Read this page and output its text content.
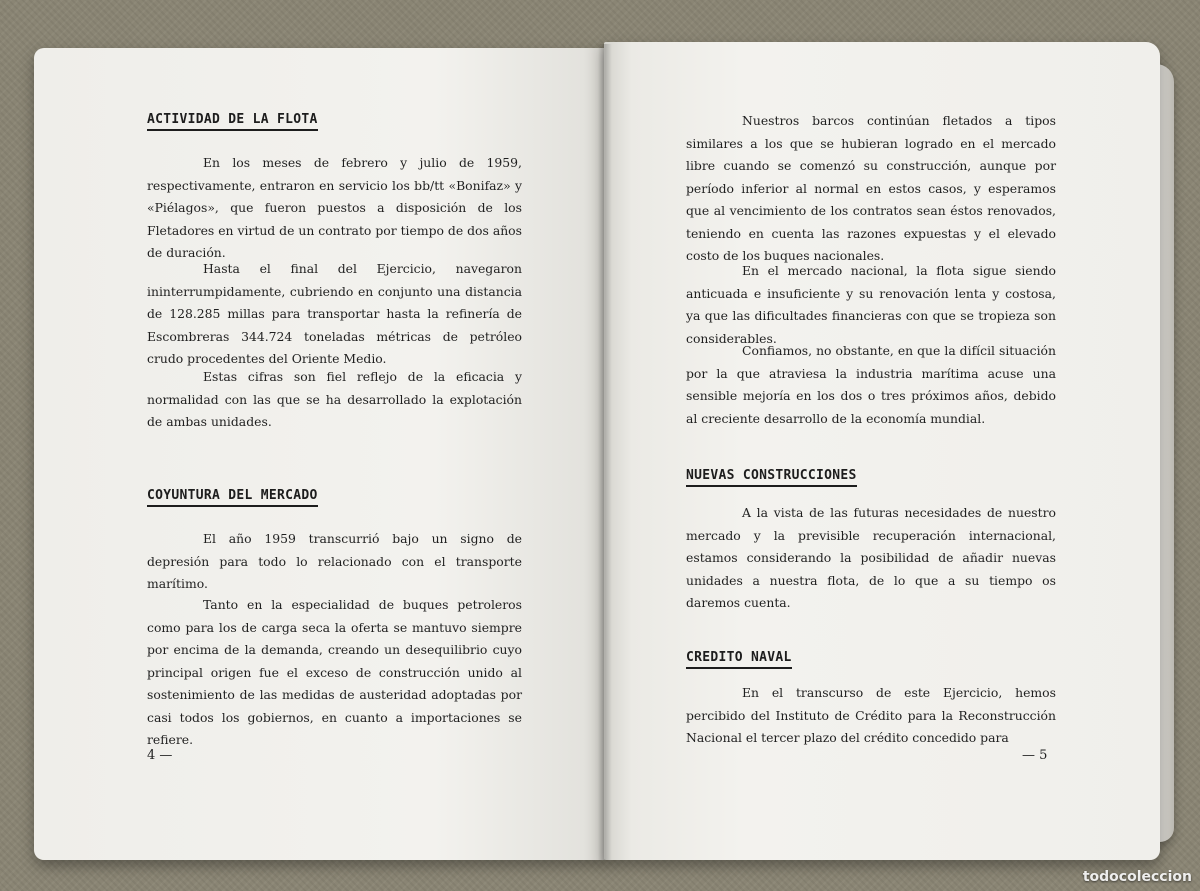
ACTIVIDAD DE LA FLOTA

En los meses de febrero y julio de 1959, respectivamente, entraron en servicio los bb/tt «Bonifaz» y «Piélagos», que fueron puestos a disposición de los Fletadores en virtud de un contrato por tiempo de dos años de duración.

Hasta el final del Ejercicio, navegaron ininterrumpidamente, cubriendo en conjunto una distancia de 128.285 millas para transportar hasta la refinería de Escombreras 344.724 toneladas métricas de petróleo crudo procedentes del Oriente Medio.

Estas cifras son fiel reflejo de la eficacia y normalidad con las que se ha desarrollado la explotación de ambas unidades.

COYUNTURA DEL MERCADO

El año 1959 transcurrió bajo un signo de depresión para todo lo relacionado con el transporte marítimo.

Tanto en la especialidad de buques petroleros como para los de carga seca la oferta se mantuvo siempre por encima de la demanda, creando un desequilibrio cuyo principal origen fue el exceso de construcción unido al sostenimiento de las medidas de austeridad adoptadas por casi todos los gobiernos, en cuanto a importaciones se refiere.

4 —

Nuestros barcos continúan fletados a tipos similares a los que se hubieran logrado en el mercado libre cuando se comenzó su construcción, aunque por período inferior al normal en estos casos, y esperamos que al vencimiento de los contratos sean éstos renovados, teniendo en cuenta las razones expuestas y el elevado costo de los buques nacionales.

En el mercado nacional, la flota sigue siendo anticuada e insuficiente y su renovación lenta y costosa, ya que las dificultades financieras con que se tropieza son considerables.

Confiamos, no obstante, en que la difícil situación por la que atraviesa la industria marítima acuse una sensible mejoría en los dos o tres próximos años, debido al creciente desarrollo de la economía mundial.

NUEVAS CONSTRUCCIONES

A la vista de las futuras necesidades de nuestro mercado y la previsible recuperación internacional, estamos considerando la posibilidad de añadir nuevas unidades a nuestra flota, de lo que a su tiempo os daremos cuenta.

CREDITO NAVAL

En el transcurso de este Ejercicio, hemos percibido del Instituto de Crédito para la Reconstrucción Nacional el tercer plazo del crédito concedido para

— 5

todocoleccion
